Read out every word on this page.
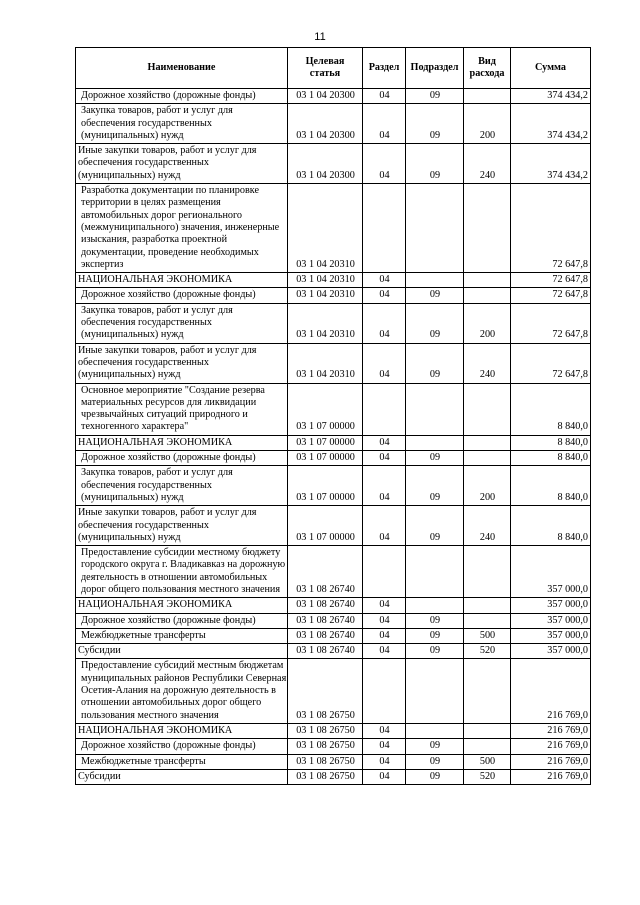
11
Наименование	Целевая статья	Раздел	Подраздел	Вид расхода	Сумма
Дорожное хозяйство (дорожные фонды)	03 1 04 20300	04	09		374 434,2
Закупка товаров, работ и услуг для обеспечения государственных (муниципальных) нужд	03 1 04 20300	04	09	200	374 434,2
Иные закупки товаров, работ и услуг для обеспечения государственных (муниципальных) нужд	03 1 04 20300	04	09	240	374 434,2
Разработка документации по планировке территории в целях размещения автомобильных дорог регионального (межмуниципального) значения, инженерные изыскания, разработка проектной документации, проведение необходимых экспертиз	03 1 04 20310				72 647,8
НАЦИОНАЛЬНАЯ ЭКОНОМИКА	03 1 04 20310	04			72 647,8
Дорожное хозяйство (дорожные фонды)	03 1 04 20310	04	09		72 647,8
Закупка товаров, работ и услуг для обеспечения государственных (муниципальных) нужд	03 1 04 20310	04	09	200	72 647,8
Иные закупки товаров, работ и услуг для обеспечения государственных (муниципальных) нужд	03 1 04 20310	04	09	240	72 647,8
Основное мероприятие "Создание резерва материальных ресурсов для ликвидации чрезвычайных ситуаций природного и техногенного характера"	03 1 07 00000				8 840,0
НАЦИОНАЛЬНАЯ ЭКОНОМИКА	03 1 07 00000	04			8 840,0
Дорожное хозяйство (дорожные фонды)	03 1 07 00000	04	09		8 840,0
Закупка товаров, работ и услуг для обеспечения государственных (муниципальных) нужд	03 1 07 00000	04	09	200	8 840,0
Иные закупки товаров, работ и услуг для обеспечения государственных (муниципальных) нужд	03 1 07 00000	04	09	240	8 840,0
Предоставление субсидии местному бюджету городского округа г. Владикавказ на дорожную деятельность в отношении автомобильных дорог общего пользования местного значения	03 1 08 26740				357 000,0
НАЦИОНАЛЬНАЯ ЭКОНОМИКА	03 1 08 26740	04			357 000,0
Дорожное хозяйство (дорожные фонды)	03 1 08 26740	04	09		357 000,0
Межбюджетные трансферты	03 1 08 26740	04	09	500	357 000,0
Субсидии	03 1 08 26740	04	09	520	357 000,0
Предоставление субсидий местным бюджетам муниципальных районов Республики Северная Осетия-Алания на дорожную деятельность в отношении автомобильных дорог общего пользования местного значения	03 1 08 26750				216 769,0
НАЦИОНАЛЬНАЯ ЭКОНОМИКА	03 1 08 26750	04			216 769,0
Дорожное хозяйство (дорожные фонды)	03 1 08 26750	04	09		216 769,0
Межбюджетные трансферты	03 1 08 26750	04	09	500	216 769,0
Субсидии	03 1 08 26750	04	09	520	216 769,0
